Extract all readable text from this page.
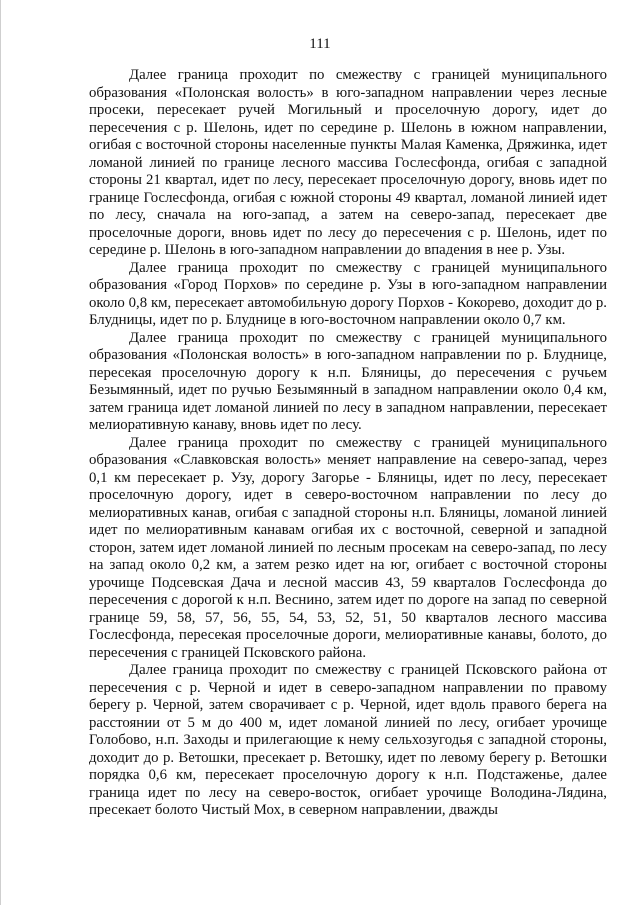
111

Далее граница проходит по смежеству с границей муниципального образования «Полонская волость» в юго-западном направлении через лесные просеки, пересекает ручей Могильный и проселочную дорогу, идет до пересечения с р. Шелонь, идет по середине р. Шелонь в южном направлении, огибая с восточной стороны населенные пункты Малая Каменка, Дряжинка, идет ломаной линией по границе лесного массива Гослесфонда, огибая с западной стороны 21 квартал, идет по лесу, пересекает проселочную дорогу, вновь идет по границе Гослесфонда, огибая с южной стороны 49 квартал, ломаной линией идет по лесу, сначала на юго-запад, а затем на северо-запад, пересекает две проселочные дороги, вновь идет по лесу до пересечения с р. Шелонь, идет по середине р. Шелонь в юго-западном направлении до впадения в нее р. Узы.

Далее граница проходит по смежеству с границей муниципального образования «Город Порхов» по середине р. Узы в юго-западном направлении около 0,8 км, пересекает автомобильную дорогу Порхов - Кокорево, доходит до р. Блудницы, идет по р. Блуднице в юго-восточном направлении около 0,7 км.

Далее граница проходит по смежеству с границей муниципального образования «Полонская волость» в юго-западном направлении по р. Блуднице, пересекая проселочную дорогу к н.п. Бляницы, до пересечения с ручьем Безымянный, идет по ручью Безымянный в западном направлении около 0,4 км, затем граница идет ломаной линией по лесу в западном направлении, пересекает мелиоративную канаву, вновь идет по лесу.

Далее граница проходит по смежеству с границей муниципального образования «Славковская волость» меняет направление на северо-запад, через 0,1 км пересекает р. Узу, дорогу Загорье - Бляницы, идет по лесу, пересекает проселочную дорогу, идет в северо-восточном направлении по лесу до мелиоративных канав, огибая с западной стороны н.п. Бляницы, ломаной линией идет по мелиоративным канавам огибая их с восточной, северной и западной сторон, затем идет ломаной линией по лесным просекам на северо-запад, по лесу на запад около 0,2 км, а затем резко идет на юг, огибает с восточной стороны урочище Подсевская Дача и лесной массив 43, 59 кварталов Гослесфонда до пересечения с дорогой к н.п. Веснино, затем идет по дороге на запад по северной границе 59, 58, 57, 56, 55, 54, 53, 52, 51, 50 кварталов лесного массива Гослесфонда, пересекая проселочные дороги, мелиоративные канавы, болото, до пересечения с границей Псковского района.

Далее граница проходит по смежеству с границей Псковского района от пересечения с р. Черной и идет в северо-западном направлении по правому берегу р. Черной, затем сворачивает с р. Черной, идет вдоль правого берега на расстоянии от 5 м до 400 м, идет ломаной линией по лесу, огибает урочище Голобово, н.п. Заходы и прилегающие к нему сельхозугодья с западной стороны, доходит до р. Ветошки, пресекает р. Ветошку, идет по левому берегу р. Ветошки порядка 0,6 км, пересекает проселочную дорогу к н.п. Подстаженье, далее граница идет по лесу на северо-восток, огибает урочище Володина-Лядина, пресекает болото Чистый Мох, в северном направлении, дважды
